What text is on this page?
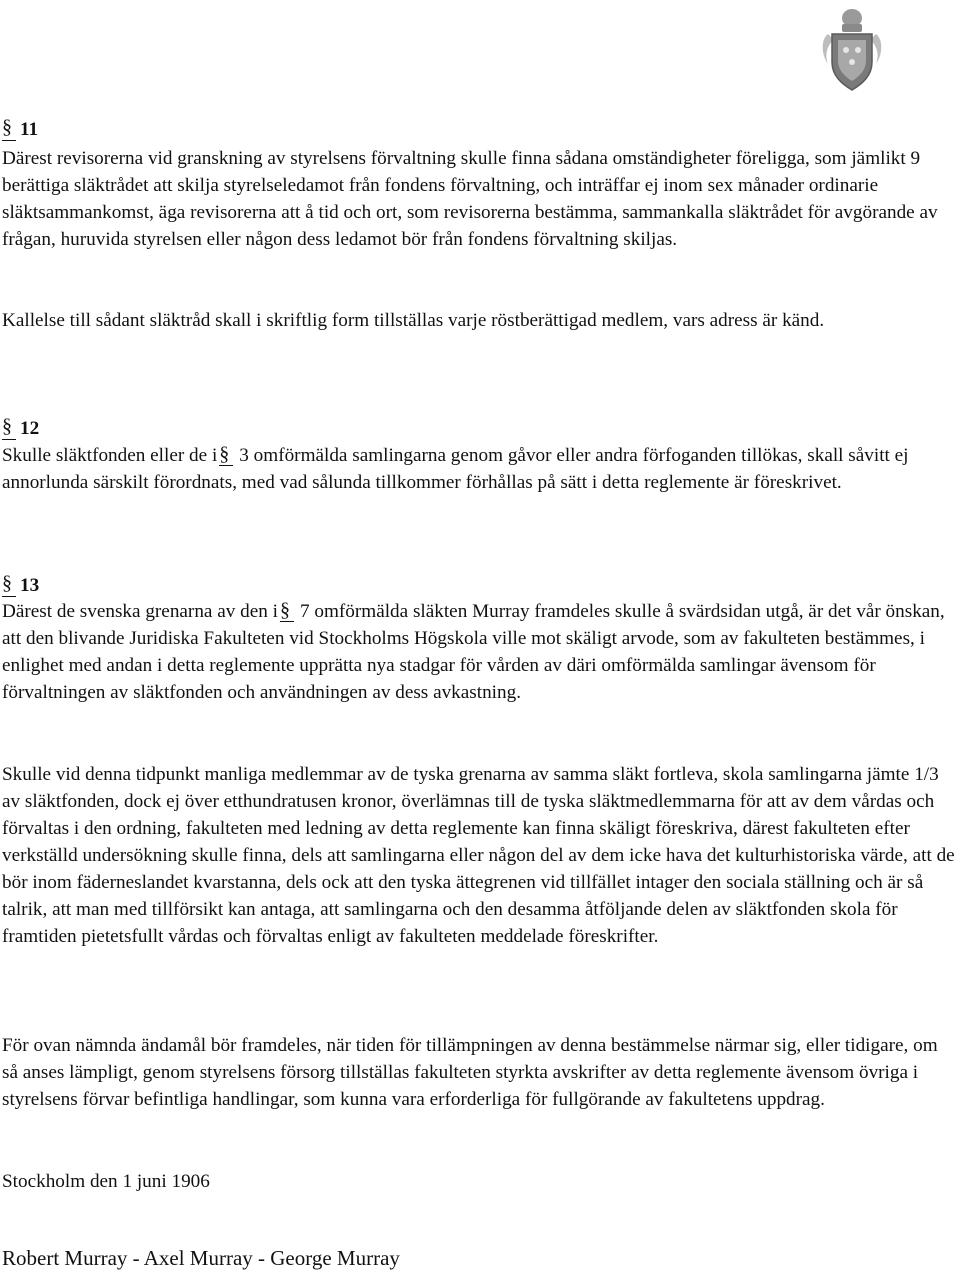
§11

Därest revisorerna vid granskning av styrelsens förvaltning skulle finna sådana omständigheter föreligga, som jämlikt 9 berättiga släktrådet att skilja styrelseledamot från fondens förvaltning, och inträffar ej inom sex månader ordinarie släktsammankomst, äga revisorerna att å tid och ort, som revisorerna bestämma, sammankalla släktrådet för avgörande av frågan, huruvida styrelsen eller någon dess ledamot bör från fondens förvaltning skiljas.

Kallelse till sådant släktråd skall i skriftlig form tillställas varje röstberättigad medlem, vars adress är känd.

§12

Skulle släktfonden eller de i § 3 omförmälda samlingarna genom gåvor eller andra förfoganden tillökas, skall såvitt ej annorlunda särskilt förordnats, med vad sålunda tillkommer förhållas på sätt i detta reglemente är föreskrivet.

§13

Därest de svenska grenarna av den i § 7 omförmälda släkten Murray framdeles skulle å svärdsidan utgå, är det vår önskan, att den blivande Juridiska Fakulteten vid Stockholms Högskola ville mot skäligt arvode, som av fakulteten bestämmes, i enlighet med andan i detta reglemente upprätta nya stadgar för vården av däri omförmälda samlingar ävensom för förvaltningen av släktfonden och användningen av dess avkastning.

Skulle vid denna tidpunkt manliga medlemmar av de tyska grenarna av samma släkt fortleva, skola samlingarna jämte 1/3 av släktfonden, dock ej över etthundratusen kronor, överlämnas till de tyska släktmedlemmarna för att av dem vårdas och förvaltas i den ordning, fakulteten med ledning av detta reglemente kan finna skäligt föreskriva, därest fakulteten efter verkställd undersökning skulle finna, dels att samlingarna eller någon del av dem icke hava det kulturhistoriska värde, att de bör inom fäderneslandet kvarstanna, dels ock att den tyska ättegrenen vid tillfället intager den sociala ställning och är så talrik, att man med tillförsikt kan antaga, att samlingarna och den desamma åtföljande delen av släktfonden skola för framtiden pietetsfullt vårdas och förvaltas enligt av fakulteten meddelade föreskrifter.

För ovan nämnda ändamål bör framdeles, när tiden för tillämpningen av denna bestämmelse närmar sig, eller tidigare, om så anses lämpligt, genom styrelsens försorg tillställas fakulteten styrkta avskrifter av detta reglemente ävensom övriga i styrelsens förvar befintliga handlingar, som kunna vara erforderliga för fullgörande av fakultetens uppdrag.

Stockholm den 1 juni 1906
Robert Murray - Axel Murray - George Murray
